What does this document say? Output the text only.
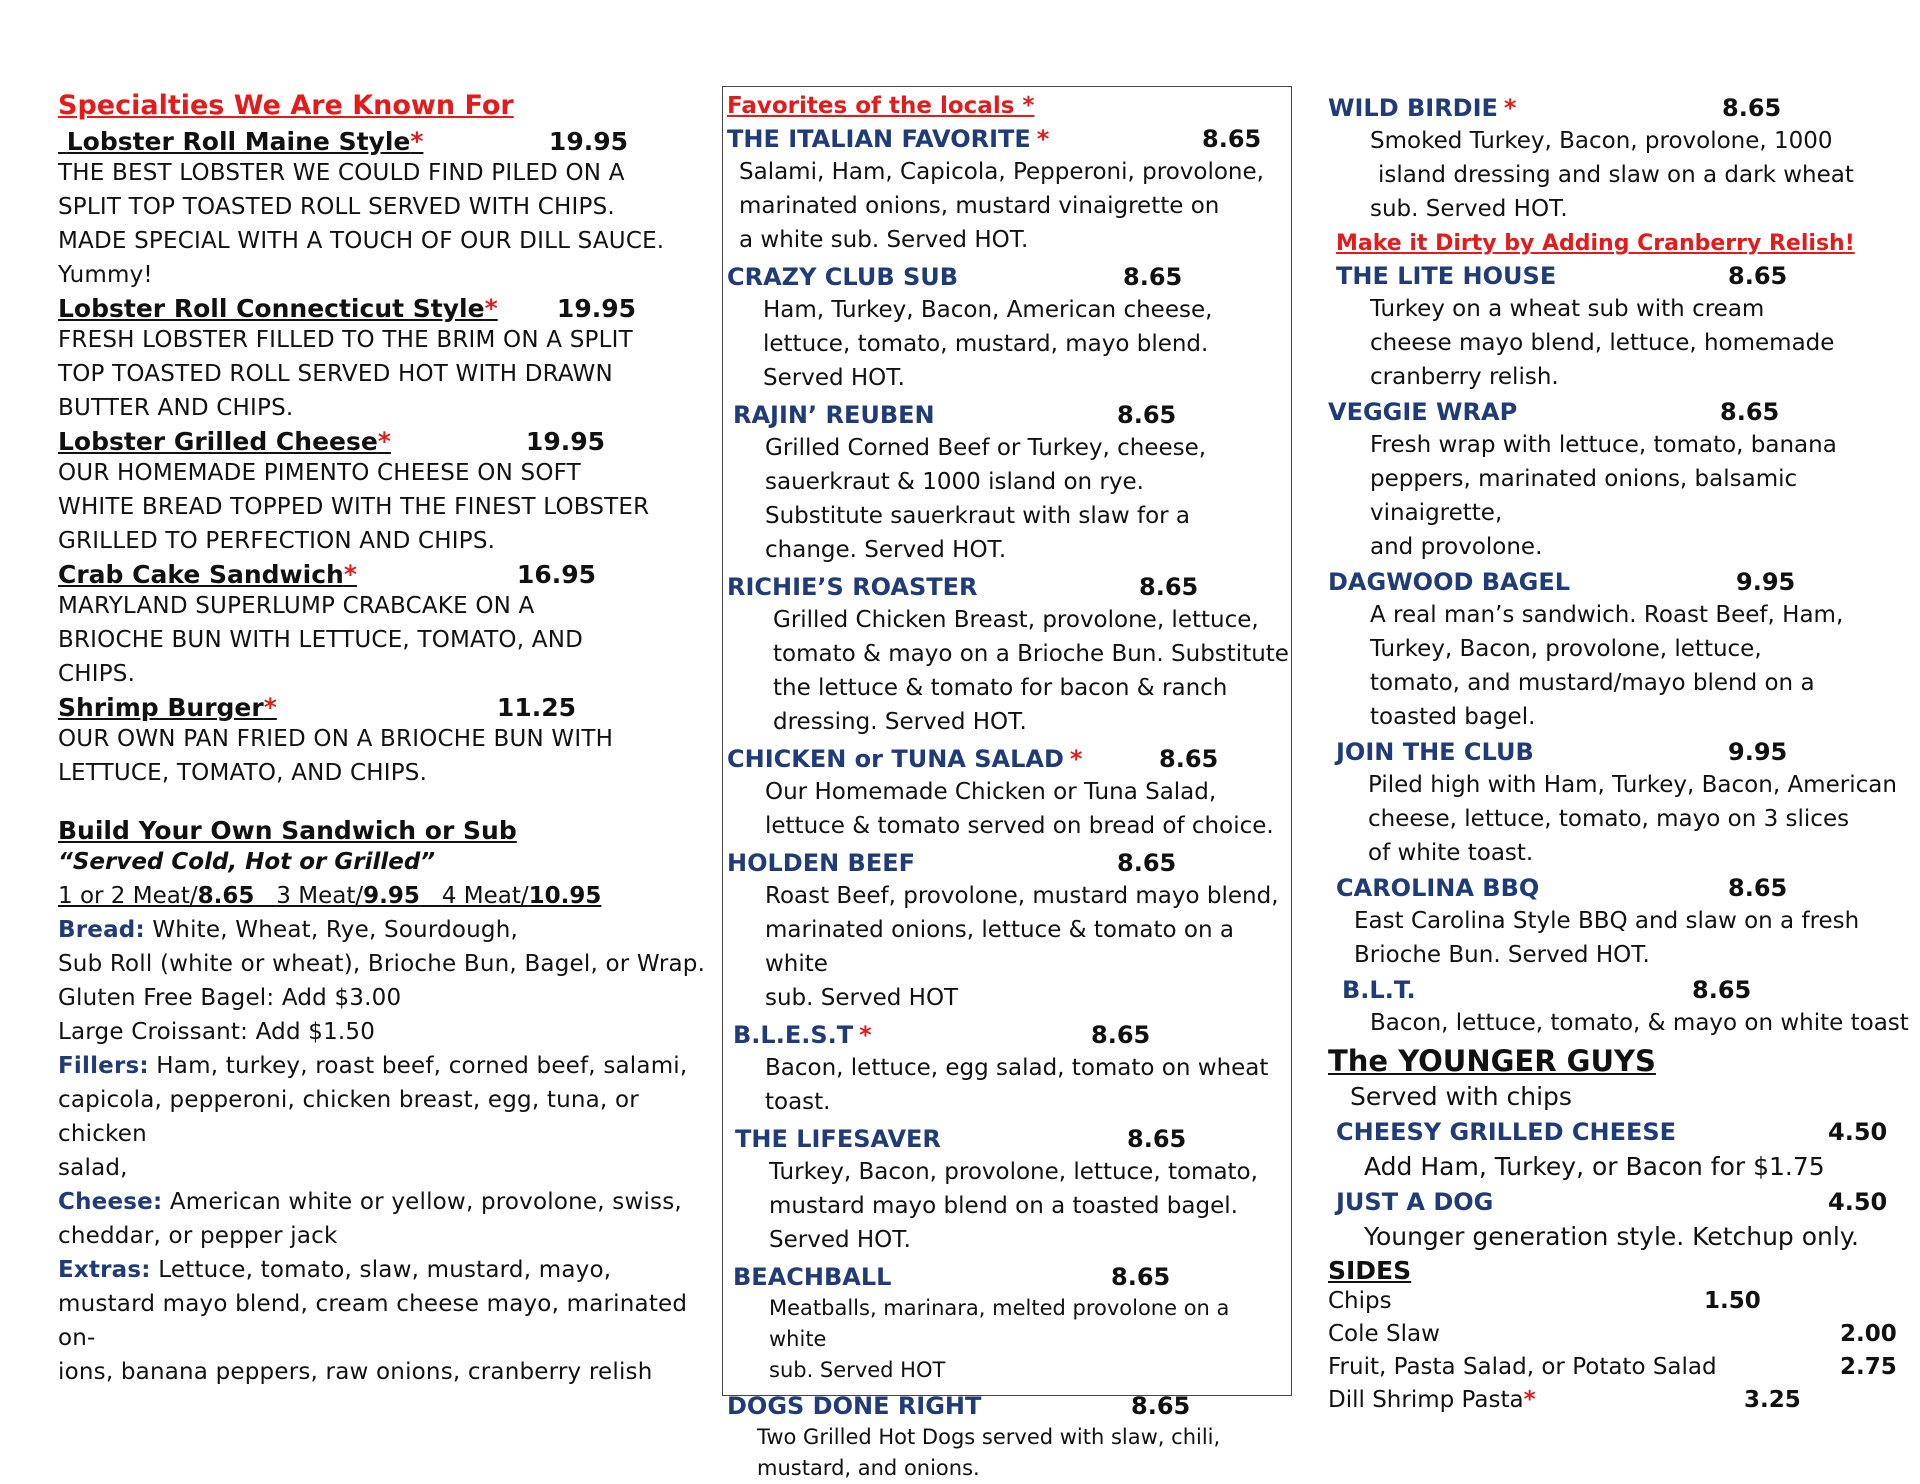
Specialties We Are Known For
Lobster Roll Maine Style*	19.95
THE BEST LOBSTER WE COULD FIND PILED ON A
SPLIT TOP TOASTED ROLL SERVED WITH CHIPS.
MADE SPECIAL WITH A TOUCH OF OUR DILL SAUCE.
Yummy!
Lobster Roll Connecticut Style* 19.95
FRESH LOBSTER FILLED TO THE BRIM ON A SPLIT
TOP TOASTED ROLL SERVED HOT WITH DRAWN
BUTTER AND CHIPS.
Lobster Grilled Cheese*	19.95
OUR HOMEMADE PIMENTO CHEESE ON SOFT
WHITE BREAD TOPPED WITH THE FINEST LOBSTER
GRILLED TO PERFECTION AND CHIPS.
Crab Cake Sandwich*	16.95
MARYLAND SUPERLUMP CRABCAKE ON A
BRIOCHE BUN WITH LETTUCE, TOMATO, AND
CHIPS.
Shrimp Burger*	11.25
OUR OWN PAN FRIED ON A BRIOCHE BUN WITH
LETTUCE, TOMATO, AND CHIPS.
Build Your Own Sandwich or Sub
“Served Cold, Hot or Grilled”
1 or 2 Meat/8.65 3 Meat/9.95 4 Meat/10.95
Bread: White, Wheat, Rye, Sourdough,
Sub Roll (white or wheat), Brioche Bun, Bagel, or Wrap.
Gluten Free Bagel: Add $3.00
Large Croissant: Add $1.50
Fillers: Ham, turkey, roast beef, corned beef, salami,
capicola, pepperoni, chicken breast, egg, tuna, or chicken
salad,
Cheese: American white or yellow, provolone, swiss,
cheddar, or pepper jack
Extras: Lettuce, tomato, slaw, mustard, mayo,
mustard mayo blend, cream cheese mayo, marinated on-
ions, banana peppers, raw onions, cranberry relish
Favorites of the locals *
THE ITALIAN FAVORITE *	8.65
Salami, Ham, Capicola, Pepperoni, provolone,
marinated onions, mustard vinaigrette on
a white sub. Served HOT.
CRAZY CLUB SUB	8.65
Ham, Turkey, Bacon, American cheese,
lettuce, tomato, mustard, mayo blend.
Served HOT.
RAJIN’ REUBEN	8.65
Grilled Corned Beef or Turkey, cheese,
sauerkraut & 1000 island on rye.
Substitute sauerkraut with slaw for a
change. Served HOT.
RICHIE’S ROASTER	8.65
Grilled Chicken Breast, provolone, lettuce,
tomato & mayo on a Brioche Bun. Substitute
the lettuce & tomato for bacon & ranch
dressing. Served HOT.
CHICKEN or TUNA SALAD *	8.65
Our Homemade Chicken or Tuna Salad,
lettuce & tomato served on bread of choice.
HOLDEN BEEF	8.65
Roast Beef, provolone, mustard mayo blend,
marinated onions, lettuce & tomato on a white
sub. Served HOT
B.L.E.S.T *	8.65
Bacon, lettuce, egg salad, tomato on wheat
toast.
THE LIFESAVER	8.65
Turkey, Bacon, provolone, lettuce, tomato,
mustard mayo blend on a toasted bagel.
Served HOT.
BEACHBALL	8.65
Meatballs, marinara, melted provolone on a white
sub. Served HOT
DOGS DONE RIGHT	8.65
Two Grilled Hot Dogs served with slaw, chili,
mustard, and onions.
WILD BIRDIE *	8.65
Smoked Turkey, Bacon, provolone, 1000
island dressing and slaw on a dark wheat
sub. Served HOT.
Make it Dirty by Adding Cranberry Relish!
THE LITE HOUSE	8.65
Turkey on a wheat sub with cream
cheese mayo blend, lettuce, homemade
cranberry relish.
VEGGIE WRAP	8.65
Fresh wrap with lettuce, tomato, banana
peppers, marinated onions, balsamic vinaigrette,
and provolone.
DAGWOOD BAGEL	9.95
A real man’s sandwich. Roast Beef, Ham,
Turkey, Bacon, provolone, lettuce,
tomato, and mustard/mayo blend on a
toasted bagel.
JOIN THE CLUB	9.95
Piled high with Ham, Turkey, Bacon, American
cheese, lettuce, tomato, mayo on 3 slices
of white toast.
CAROLINA BBQ	8.65
East Carolina Style BBQ and slaw on a fresh
Brioche Bun. Served HOT.
B.L.T.	8.65
Bacon, lettuce, tomato, & mayo on white toast
The YOUNGER GUYS
Served with chips
CHEESY GRILLED CHEESE	4.50
Add Ham, Turkey, or Bacon for $1.75
JUST A DOG	4.50
Younger generation style. Ketchup only.
SIDES
Chips	1.50
Cole Slaw	2.00
Fruit, Pasta Salad, or Potato Salad	2.75
Dill Shrimp Pasta*	3.25
